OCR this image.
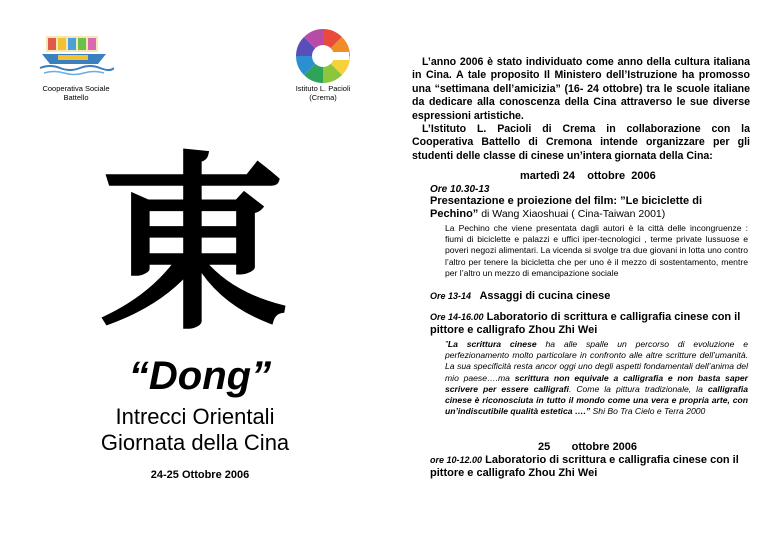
Cooperativa Sociale
Battello
Istituto L. Pacioli
(Crema)
東
“Dong”
Intrecci Orientali
Giornata della Cina
24-25 Ottobre 2006

L’anno 2006 è stato individuato come anno della cultura italiana in Cina. A tale proposito Il Ministero dell’Istruzione ha promosso una “settimana dell’amicizia” (16- 24 ottobre) tra le scuole italiane da dedicare alla conoscenza della Cina attraverso le sue diverse espressioni artistiche.

L’Istituto L. Pacioli di Crema in collaborazione con la Cooperativa Battello di Cremona intende organizzare per gli studenti delle classe di cinese un’intera giornata della Cina:

martedì 24    ottobre  2006
Ore 10.30-13
Presentazione e proiezione del film: ”Le biciclette di Pechino” di Wang Xiaoshuai ( Cina-Taiwan 2001)
La Pechino che viene presentata dagli autori è la città delle incongruenze : fiumi di biciclette e palazzi e uffici iper-tecnologici , terme private lussuose e poveri negozi alimentari. La vicenda si svolge tra due giovani in lotta uno contro l’altro per tenere la bicicletta che per uno è il mezzo di sostentamento, mentre per l’altro un mezzo di emancipazione sociale
Ore 13-14 Assaggi di cucina cinese
Ore 14-16.00 Laboratorio di scrittura e calligrafia cinese con il pittore e calligrafo Zhou Zhi Wei
”La scrittura cinese ha alle spalle un percorso di evoluzione e perfezionamento molto particolare in confronto alle altre scritture dell’umanità. La sua specificità resta ancor oggi uno degli aspetti fondamentali dell’anima del mio paese….ma scrittura non equivale a calligrafia e non basta saper scrivere per essere calligrafi. Come la pittura tradizionale, la calligrafia cinese è riconosciuta in tutto il mondo come una vera e propria arte, con un’indiscutibile qualità estetica ….” Shi Bo Tra Cielo e Terra 2000
25       ottobre 2006
ore 10-12.00 Laboratorio di scrittura e calligrafia cinese con il pittore e calligrafo Zhou Zhi Wei
